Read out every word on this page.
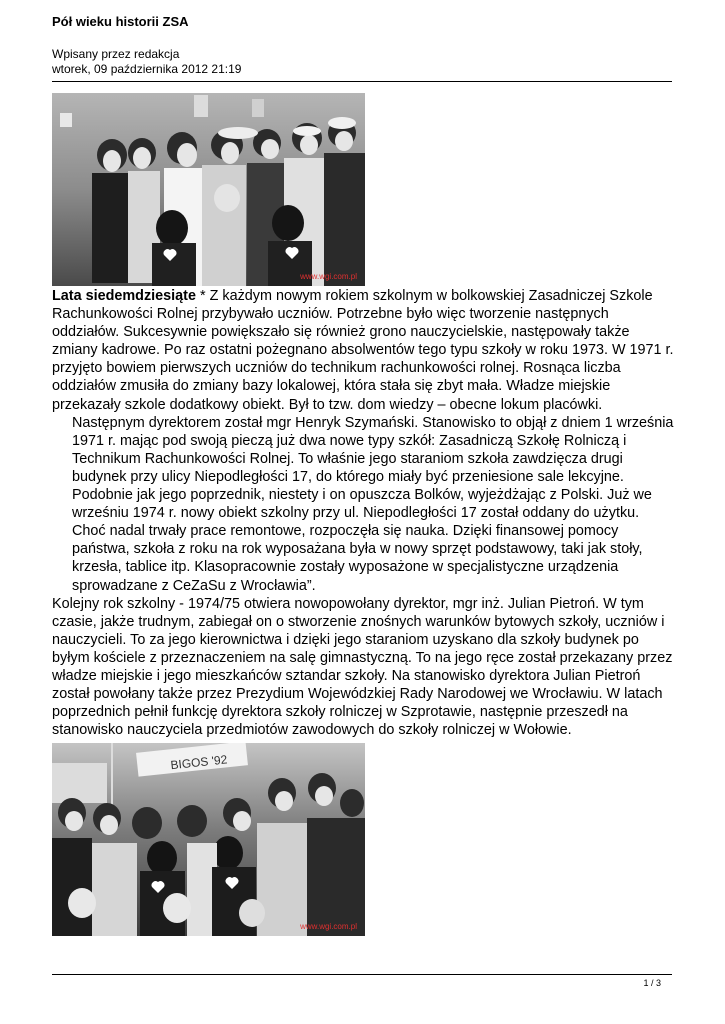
Pół wieku historii ZSA
Wpisany przez redakcja
wtorek, 09 października 2012 21:19
www.wgi.com.pl

Lata siedemdziesiąte * Z każdym nowym rokiem szkolnym w bolkowskiej Zasadniczej Szkole Rachunkowości Rolnej przybywało uczniów. Potrzebne było więc tworzenie następnych oddziałów. Sukcesywnie powiększało się również grono nauczycielskie, następowały także zmiany kadrowe. Po raz ostatni pożegnano absolwentów tego typu szkoły w roku 1973. W 1971 r. przyjęto bowiem pierwszych uczniów do technikum rachunkowości rolnej. Rosnąca liczba oddziałów zmusiła do zmiany bazy lokalowej, która stała się zbyt mała. Władze miejskie przekazały szkole dodatkowy obiekt. Był to tzw. dom wiedzy – obecne lokum placówki.

Następnym dyrektorem został mgr Henryk Szymański. Stanowisko to objął z dniem 1 września 1971 r. mając pod swoją pieczą już dwa nowe typy szkół: Zasadniczą Szkołę Rolniczą i Technikum Rachunkowości Rolnej. To właśnie jego staraniom szkoła zawdzięcza drugi budynek przy ulicy Niepodległości 17, do którego miały być przeniesione sale lekcyjne. Podobnie jak jego poprzednik, niestety i on opuszcza Bolków, wyjeżdżając z Polski. Już we wrześniu 1974 r. nowy obiekt szkolny przy ul. Niepodległości 17 został oddany do użytku. Choć nadal trwały prace remontowe, rozpoczęła się nauka. Dzięki finansowej pomocy państwa, szkoła z roku na rok wyposażana była w nowy sprzęt podstawowy, taki jak stoły, krzesła, tablice itp. Klasopracownie zostały wyposażone w specjalistyczne urządzenia sprowadzane z CeZaSu z Wrocławia”.

Kolejny rok szkolny - 1974/75 otwiera nowopowołany dyrektor, mgr inż. Julian Pietroń. W tym czasie, jakże trudnym, zabiegał on o stworzenie znośnych warunków bytowych szkoły, uczniów i nauczycieli. To za jego kierownictwa i dzięki jego staraniom uzyskano dla szkoły budynek po byłym kościele z przeznaczeniem na salę gimnastyczną. To na jego ręce został przekazany przez władze miejskie i jego mieszkańców sztandar szkoły. Na stanowisko dyrektora Julian Pietroń został powołany także przez Prezydium Wojewódzkiej Rady Narodowej we Wrocławiu. W latach poprzednich pełnił funkcję dyrektora szkoły rolniczej w Szprotawie, następnie przeszedł na stanowisko nauczyciela przedmiotów zawodowych do szkoły rolniczej w Wołowie.

BIGOS '92
www.wgi.com.pl
1 / 3
